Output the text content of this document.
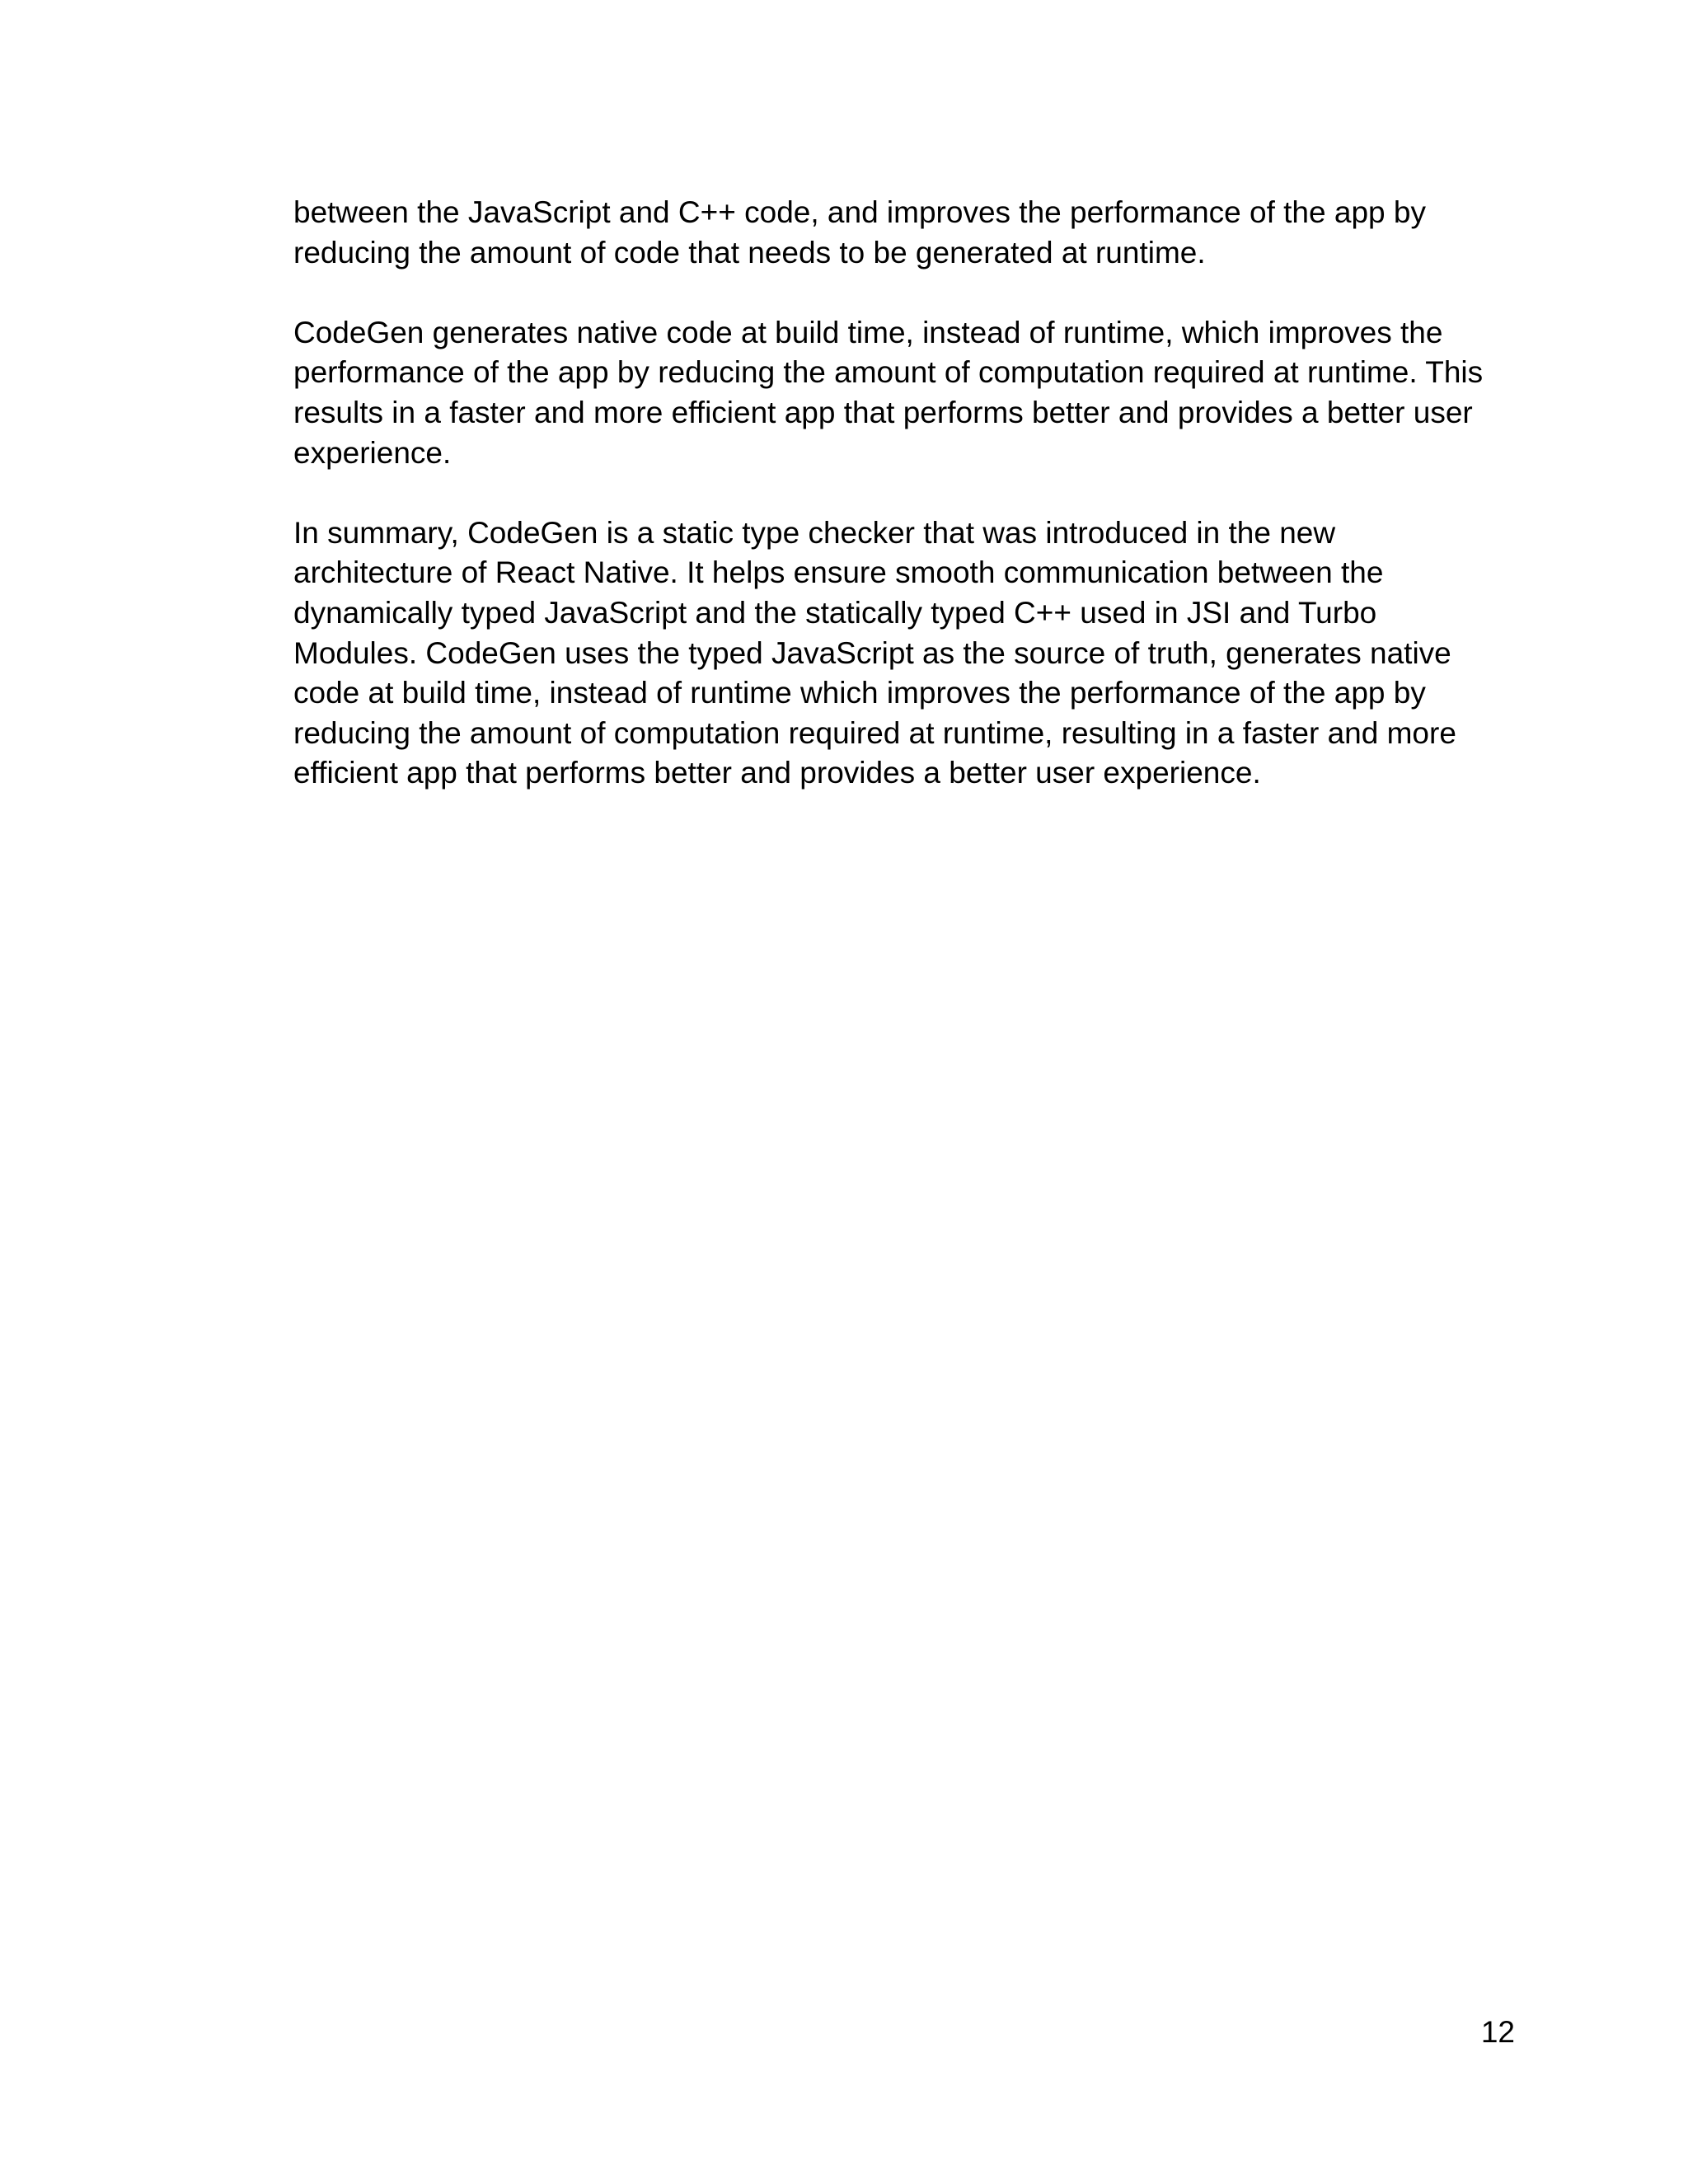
between the JavaScript and C++ code, and improves the performance of the app by
reducing the amount of code that needs to be generated at runtime.

CodeGen generates native code at build time, instead of runtime, which improves the
performance of the app by reducing the amount of computation required at runtime. This
results in a faster and more efficient app that performs better and provides a better user
experience.

In summary, CodeGen is a static type checker that was introduced in the new
architecture of React Native. It helps ensure smooth communication between the
dynamically typed JavaScript and the statically typed C++ used in JSI and Turbo
Modules. CodeGen uses the typed JavaScript as the source of truth, generates native
code at build time, instead of runtime which improves the performance of the app by
reducing the amount of computation required at runtime, resulting in a faster and more
efficient app that performs better and provides a better user experience.

12
